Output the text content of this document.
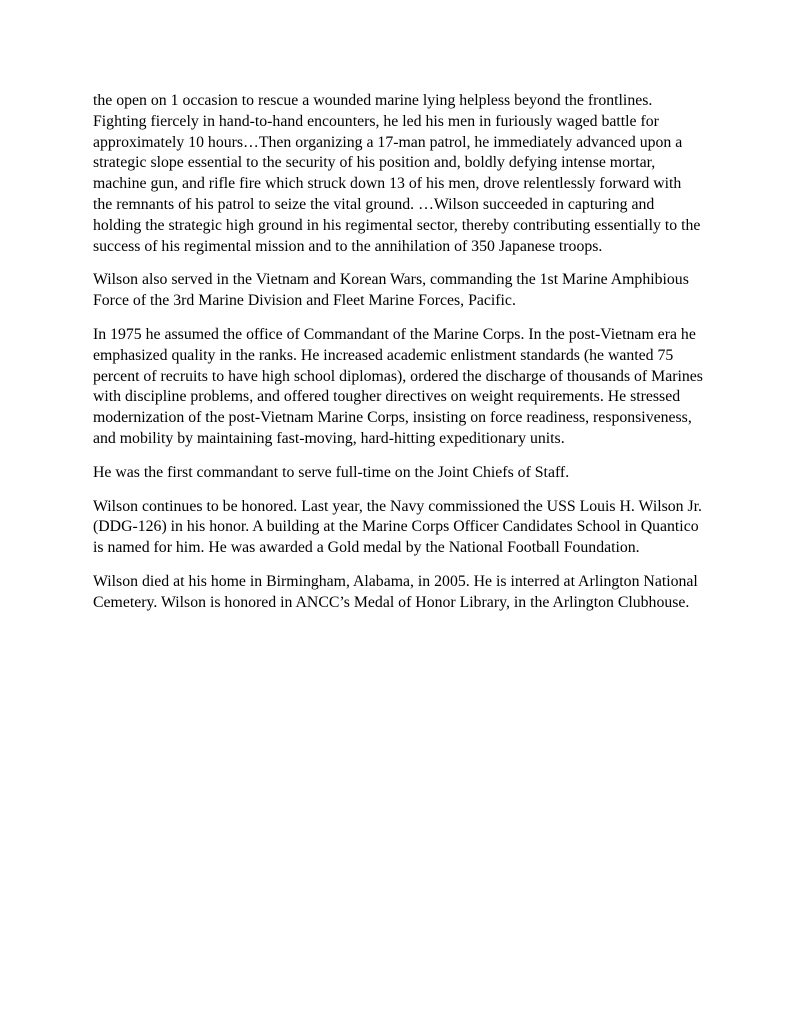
the open on 1 occasion to rescue a wounded marine lying helpless beyond the frontlines. Fighting fiercely in hand-to-hand encounters, he led his men in furiously waged battle for approximately 10 hours…Then organizing a 17-man patrol, he immediately advanced upon a strategic slope essential to the security of his position and, boldly defying intense mortar, machine gun, and rifle fire which struck down 13 of his men, drove relentlessly forward with the remnants of his patrol to seize the vital ground. …Wilson succeeded in capturing and holding the strategic high ground in his regimental sector, thereby contributing essentially to the success of his regimental mission and to the annihilation of 350 Japanese troops.

Wilson also served in the Vietnam and Korean Wars, commanding the 1st Marine Amphibious Force of the 3rd Marine Division and Fleet Marine Forces, Pacific.

In 1975 he assumed the office of Commandant of the Marine Corps. In the post-Vietnam era he emphasized quality in the ranks. He increased academic enlistment standards (he wanted 75 percent of recruits to have high school diplomas), ordered the discharge of thousands of Marines with discipline problems, and offered tougher directives on weight requirements. He stressed modernization of the post-Vietnam Marine Corps, insisting on force readiness, responsiveness, and mobility by maintaining fast-moving, hard-hitting expeditionary units.

He was the first commandant to serve full-time on the Joint Chiefs of Staff.

Wilson continues to be honored. Last year, the Navy commissioned the USS Louis H. Wilson Jr. (DDG-126) in his honor. A building at the Marine Corps Officer Candidates School in Quantico is named for him. He was awarded a Gold medal by the National Football Foundation.

Wilson died at his home in Birmingham, Alabama, in 2005. He is interred at Arlington National Cemetery. Wilson is honored in ANCC’s Medal of Honor Library, in the Arlington Clubhouse.
